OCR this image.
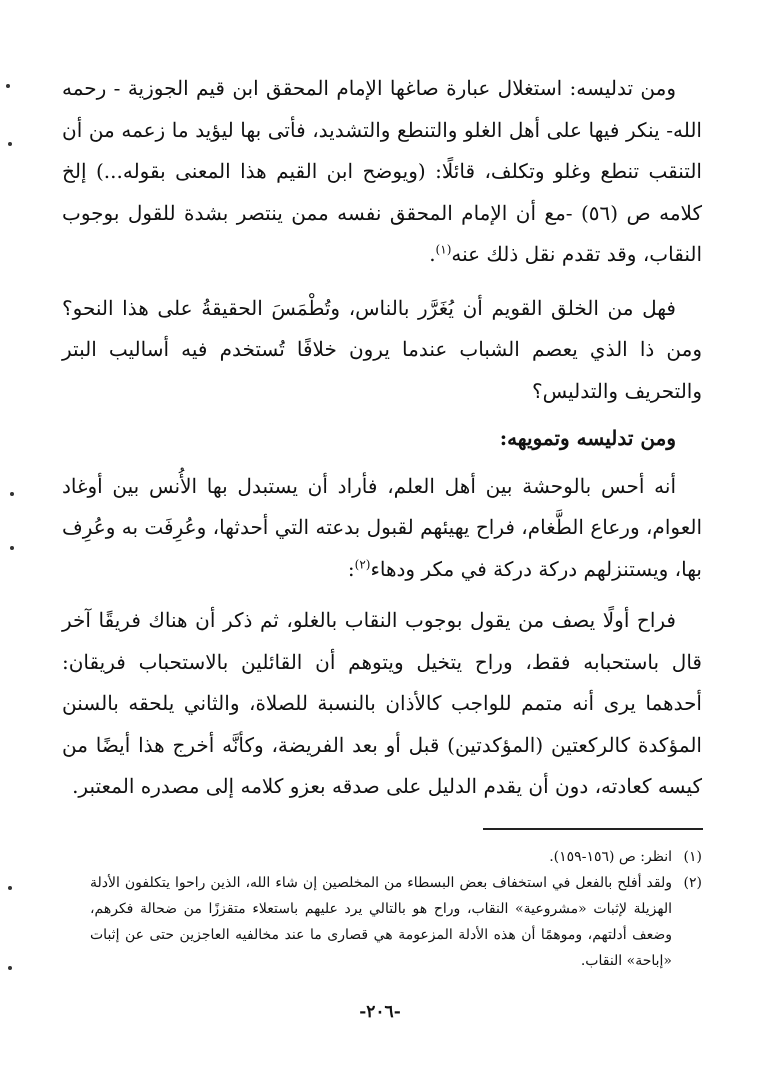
ومن تدليسه: استغلال عبارة صاغها الإمام المحقق ابن قيم الجوزية - رحمه الله- ينكر فيها على أهل الغلو والتنطع والتشديد، فأتى بها ليؤيد ما زعمه من أن التنقب تنطع وغلو وتكلف، قائلًا: (ويوضح ابن القيم هذا المعنى بقوله...) إلخ كلامه ص (٥٦) -مع أن الإمام المحقق نفسه ممن ينتصر بشدة للقول بوجوب النقاب، وقد تقدم نقل ذلك عنه$^{(١)}$.

فهل من الخلق القويم أن يُغَرَّر بالناس، وتُطْمَسَ الحقيقةُ على هذا النحو؟ ومن ذا الذي يعصم الشباب عندما يرون خلافًا تُستخدم فيه أساليب البتر والتحريف والتدليس؟

ومن تدليسه وتمويهه:

أنه أحس بالوحشة بين أهل العلم، فأراد أن يستبدل بها الأُنس بين أوغاد العوام، ورعاع الطَّغام، فراح يهيئهم لقبول بدعته التي أحدثها، وعُرِفَت به وعُرِف بها، ويستنزلهم دركة دركة في مكر ودهاء$^{(٢)}$:

فراح أولًا يصف من يقول بوجوب النقاب بالغلو، ثم ذكر أن هناك فريقًا آخر قال باستحبابه فقط، وراح يتخيل ويتوهم أن القائلين بالاستحباب فريقان: أحدهما يرى أنه متمم للواجب كالأذان بالنسبة للصلاة، والثاني يلحقه بالسنن المؤكدة كالركعتين (المؤكدتين) قبل أو بعد الفريضة، وكأنَّه أخرج هذا أيضًا من كيسه كعادته، دون أن يقدم الدليل على صدقه بعزو كلامه إلى مصدره المعتبر.

(١)
انظر: ص (١٥٦-١٥٩).
(٢)
ولقد أفلح بالفعل في استخفاف بعض البسطاء من المخلصين إن شاء الله، الذين راحوا يتكلفون الأدلة الهزيلة لإثبات «مشروعية» النقاب، وراح هو بالتالي يرد عليهم باستعلاء متقززًا من ضحالة فكرهم، وضعف أدلتهم، وموهمًا أن هذه الأدلة المزعومة هي قصارى ما عند مخالفيه العاجزين حتى عن إثبات «إباحة» النقاب.
-٢٠٦-
